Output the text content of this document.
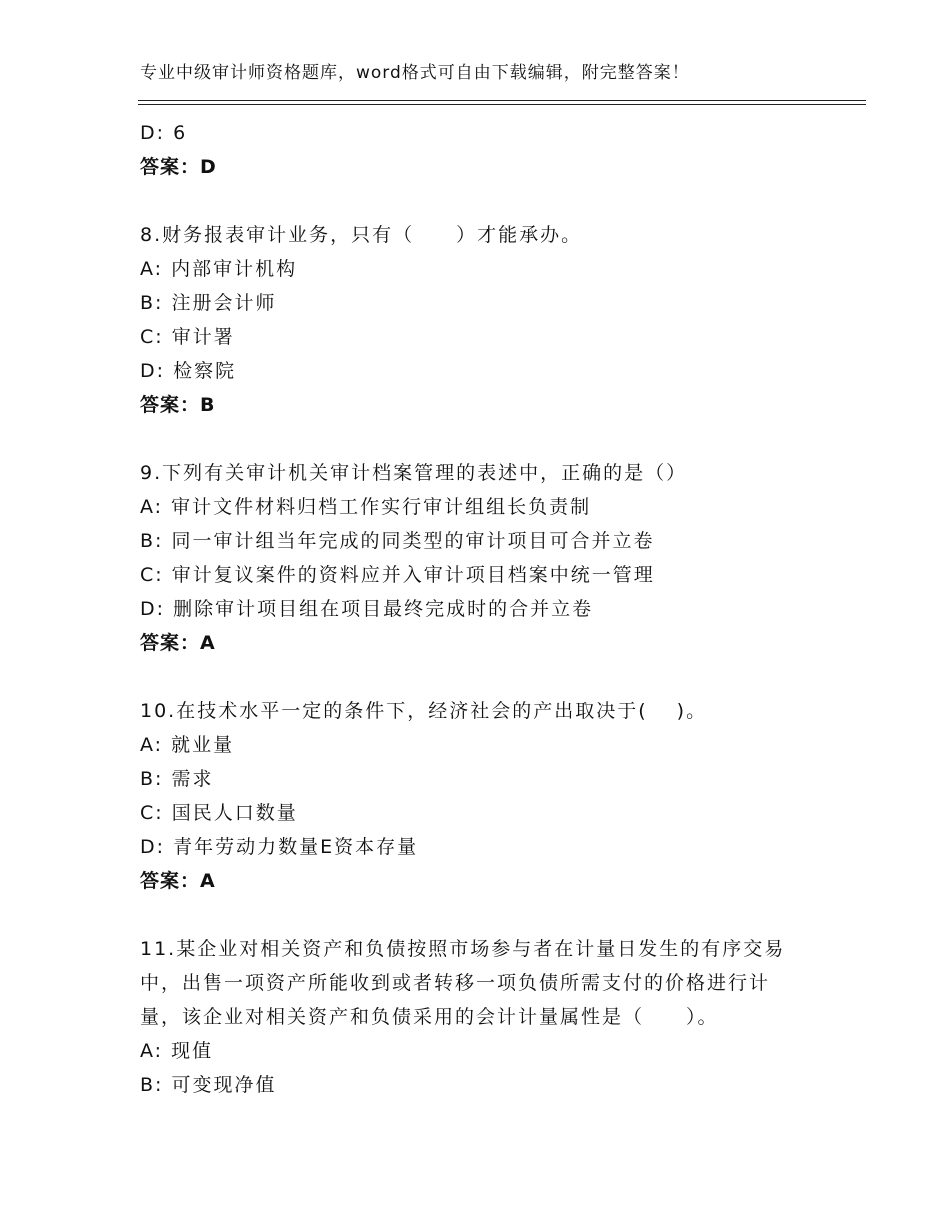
专业中级审计师资格题库，word格式可自由下载编辑，附完整答案！
D: 6
答案：D
8.财务报表审计业务，只有（　　）才能承办。
A: 内部审计机构
B: 注册会计师
C: 审计署
D: 检察院
答案：B
9.下列有关审计机关审计档案管理的表述中，正确的是（）
A: 审计文件材料归档工作实行审计组组长负责制
B: 同一审计组当年完成的同类型的审计项目可合并立卷
C: 审计复议案件的资料应并入审计项目档案中统一管理
D: 删除审计项目组在项目最终完成时的合并立卷
答案：A
10.在技术水平一定的条件下，经济社会的产出取决于(　 )。
A: 就业量
B: 需求
C: 国民人口数量
D: 青年劳动力数量E资本存量
答案：A
11.某企业对相关资产和负债按照市场参与者在计量日发生的有序交易
中，出售一项资产所能收到或者转移一项负债所需支付的价格进行计
量，该企业对相关资产和负债采用的会计计量属性是（　　）。
A: 现值
B: 可变现净值
